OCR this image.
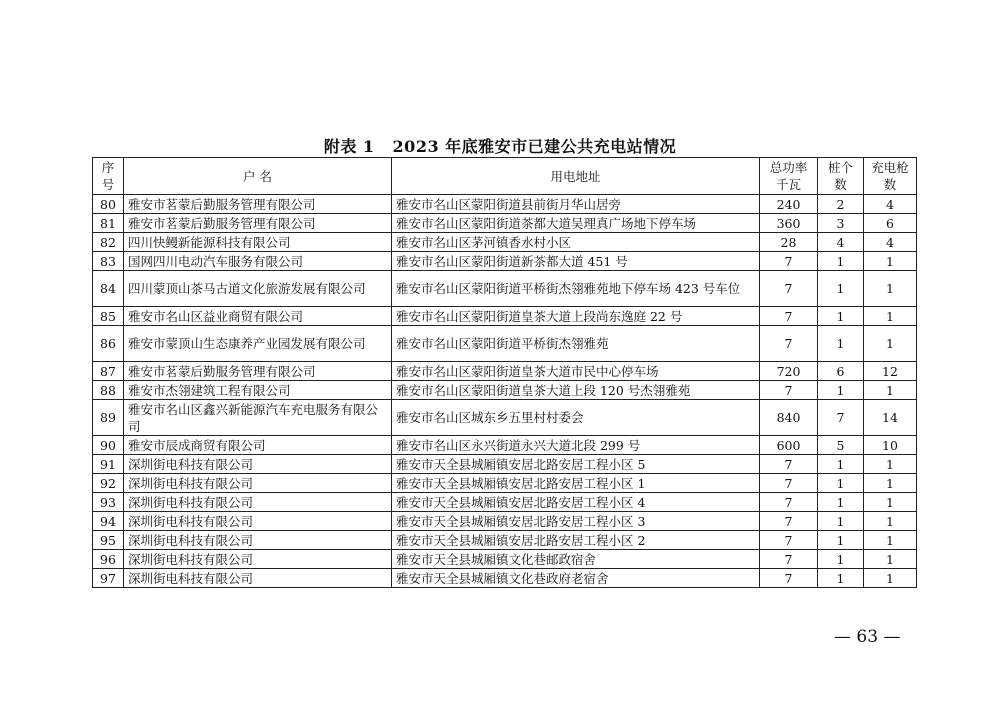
附表 1 2023 年底雅安市已建公共充电站情况
序号	户 名	用电地址	总功率千瓦	桩个数	充电枪数
80	雅安市茗蒙后勤服务管理有限公司	雅安市名山区蒙阳街道县前街月华山居旁	240	2	4
81	雅安市茗蒙后勤服务管理有限公司	雅安市名山区蒙阳街道茶都大道吴理真广场地下停车场	360	3	6
82	四川快鳗新能源科技有限公司	雅安市名山区茅河镇香水村小区	28	4	4
83	国网四川电动汽车服务有限公司	雅安市名山区蒙阳街道新茶都大道 451 号	7	1	1
84	四川蒙顶山茶马古道文化旅游发展有限公司	雅安市名山区蒙阳街道平桥街杰翎雅苑地下停车场 423 号车位	7	1	1
85	雅安市名山区益业商贸有限公司	雅安市名山区蒙阳街道皇茶大道上段尚东逸庭 22 号	7	1	1
86	雅安市蒙顶山生态康养产业园发展有限公司	雅安市名山区蒙阳街道平桥街杰翎雅苑	7	1	1
87	雅安市茗蒙后勤服务管理有限公司	雅安市名山区蒙阳街道皇茶大道市民中心停车场	720	6	12
88	雅安市杰翎建筑工程有限公司	雅安市名山区蒙阳街道皇茶大道上段 120 号杰翎雅苑	7	1	1
89	雅安市名山区鑫兴新能源汽车充电服务有限公司	雅安市名山区城东乡五里村村委会	840	7	14
90	雅安市辰成商贸有限公司	雅安市名山区永兴街道永兴大道北段 299 号	600	5	10
91	深圳街电科技有限公司	雅安市天全县城厢镇安居北路安居工程小区 5	7	1	1
92	深圳街电科技有限公司	雅安市天全县城厢镇安居北路安居工程小区 1	7	1	1
93	深圳街电科技有限公司	雅安市天全县城厢镇安居北路安居工程小区 4	7	1	1
94	深圳街电科技有限公司	雅安市天全县城厢镇安居北路安居工程小区 3	7	1	1
95	深圳街电科技有限公司	雅安市天全县城厢镇安居北路安居工程小区 2	7	1	1
96	深圳街电科技有限公司	雅安市天全县城厢镇文化巷邮政宿舍	7	1	1
97	深圳街电科技有限公司	雅安市天全县城厢镇文化巷政府老宿舍	7	1	1
— 63 —
